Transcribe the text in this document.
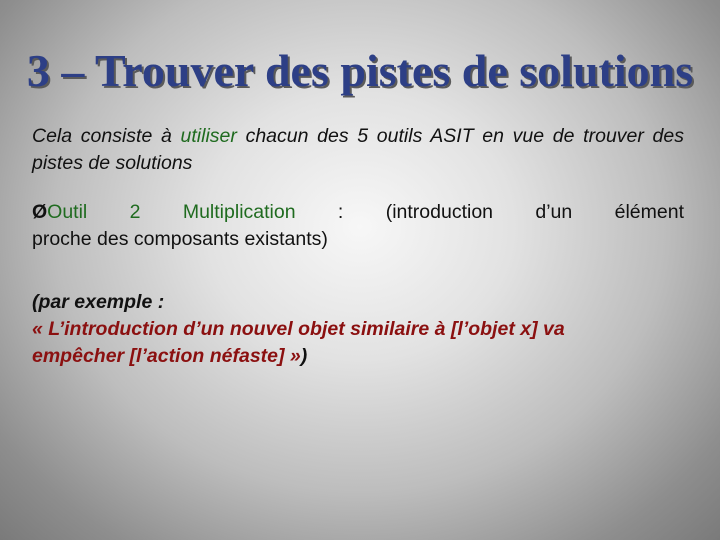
3 – Trouver des pistes de solutions
Cela consiste à utiliser chacun des 5 outils ASIT en vue de trouver des pistes de solutions
ØOutil 2 Multiplication : (introduction d’un élément
proche des composants existants)
(par exemple :
« L’introduction d’un nouvel objet similaire à [l’objet x] va
empêcher [l’action néfaste] »)
